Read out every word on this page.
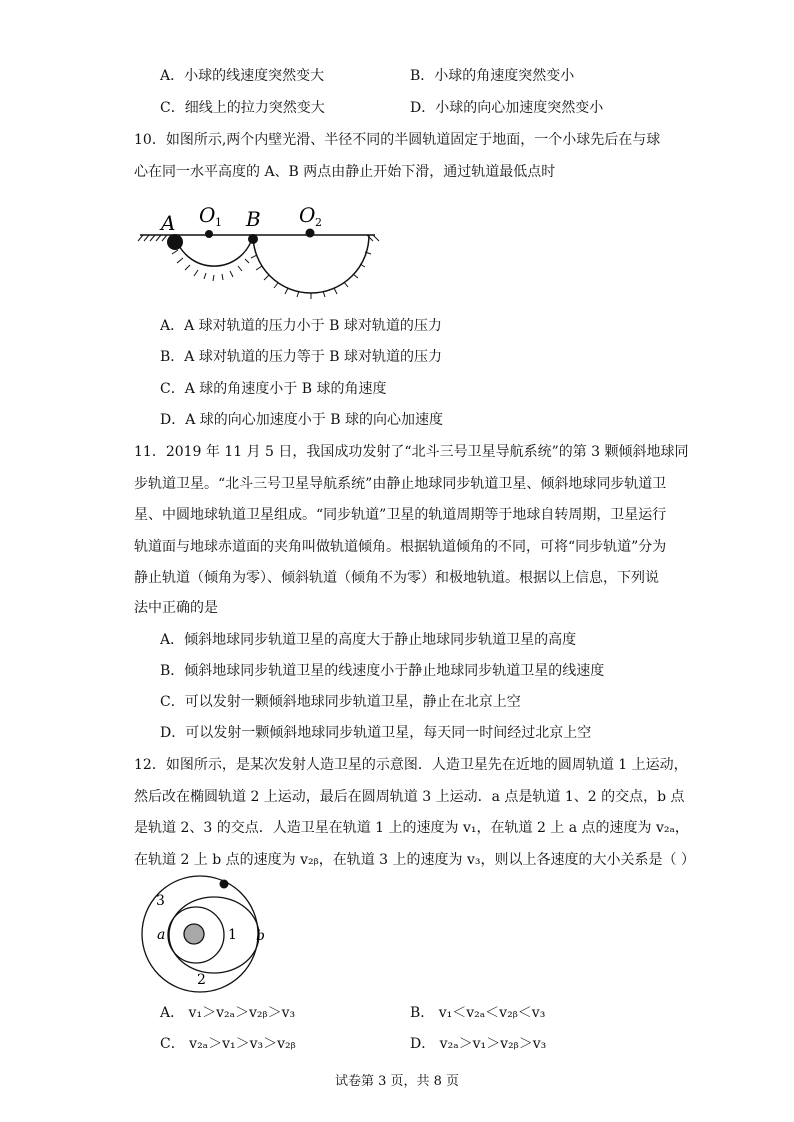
A．小球的线速度突然变大	B．小球的角速度突然变小
C．细线上的拉力突然变大	D．小球的向心加速度突然变小
10．如图所示,两个内壁光滑、半径不同的半圆轨道固定于地面，一个小球先后在与球
心在同一水平高度的 A、B 两点由静止开始下滑，通过轨道最低点时
A O 1 B O 2
A．A 球对轨道的压力小于 B 球对轨道的压力
B．A 球对轨道的压力等于 B 球对轨道的压力
C．A 球的角速度小于 B 球的角速度
D．A 球的向心加速度小于 B 球的向心加速度
11．2019 年 11 月 5 日，我国成功发射了“北斗三号卫星导航系统”的第 3 颗倾斜地球同
步轨道卫星。“北斗三号卫星导航系统”由静止地球同步轨道卫星、倾斜地球同步轨道卫
星、中圆地球轨道卫星组成。“同步轨道”卫星的轨道周期等于地球自转周期，卫星运行
轨道面与地球赤道面的夹角叫做轨道倾角。根据轨道倾角的不同，可将“同步轨道”分为
静止轨道（倾角为零）、倾斜轨道（倾角不为零）和极地轨道。根据以上信息，下列说
法中正确的是
A．倾斜地球同步轨道卫星的高度大于静止地球同步轨道卫星的高度
B．倾斜地球同步轨道卫星的线速度小于静止地球同步轨道卫星的线速度
C．可以发射一颗倾斜地球同步轨道卫星，静止在北京上空
D．可以发射一颗倾斜地球同步轨道卫星，每天同一时间经过北京上空
12．如图所示，是某次发射人造卫星的示意图．人造卫星先在近地的圆周轨道 1 上运动，
然后改在椭圆轨道 2 上运动，最后在圆周轨道 3 上运动．a 点是轨道 1、2 的交点，b 点
是轨道 2、3 的交点．人造卫星在轨道 1 上的速度为 v₁，在轨道 2 上 a 点的速度为 v₂ₐ，
在轨道 2 上 b 点的速度为 v₂ᵦ，在轨道 3 上的速度为 v₃，则以上各速度的大小关系是（ ）
3
a	1 b
2
A． v₁＞v₂ₐ＞v₂ᵦ＞v₃	B． v₁＜v₂ₐ＜v₂ᵦ＜v₃
C． v₂ₐ＞v₁＞v₃＞v₂ᵦ	D． v₂ₐ＞v₁＞v₂ᵦ＞v₃
试卷第 3 页，共 8 页
